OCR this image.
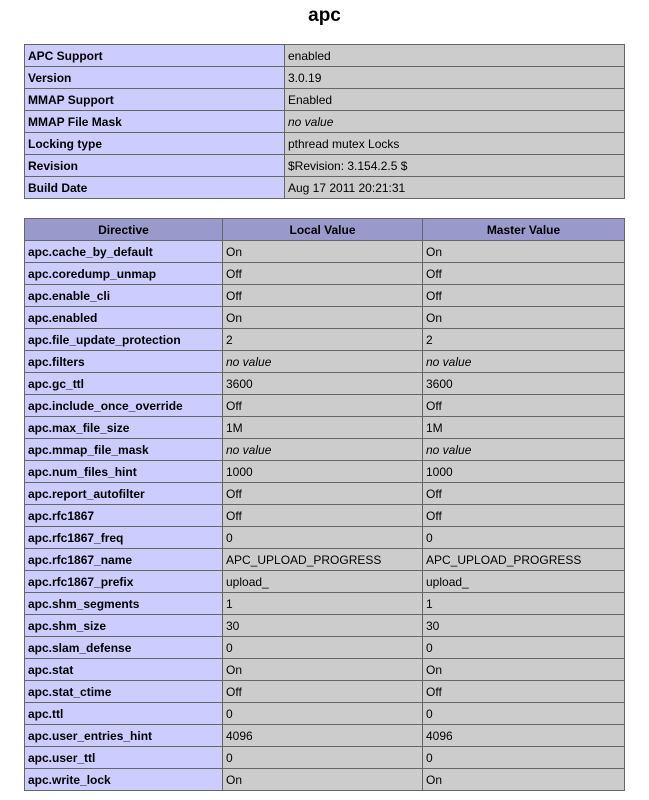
apc
APC Support	enabled
Version	3.0.19
MMAP Support	Enabled
MMAP File Mask	no value
Locking type	pthread mutex Locks
Revision	$Revision: 3.154.2.5 $
Build Date	Aug 17 2011 20:21:31
Directive	Local Value	Master Value
apc.cache_by_default	On	On
apc.coredump_unmap	Off	Off
apc.enable_cli	Off	Off
apc.enabled	On	On
apc.file_update_protection	2	2
apc.filters	no value	no value
apc.gc_ttl	3600	3600
apc.include_once_override	Off	Off
apc.max_file_size	1M	1M
apc.mmap_file_mask	no value	no value
apc.num_files_hint	1000	1000
apc.report_autofilter	Off	Off
apc.rfc1867	Off	Off
apc.rfc1867_freq	0	0
apc.rfc1867_name	APC_UPLOAD_PROGRESS	APC_UPLOAD_PROGRESS
apc.rfc1867_prefix	upload_	upload_
apc.shm_segments	1	1
apc.shm_size	30	30
apc.slam_defense	0	0
apc.stat	On	On
apc.stat_ctime	Off	Off
apc.ttl	0	0
apc.user_entries_hint	4096	4096
apc.user_ttl	0	0
apc.write_lock	On	On
